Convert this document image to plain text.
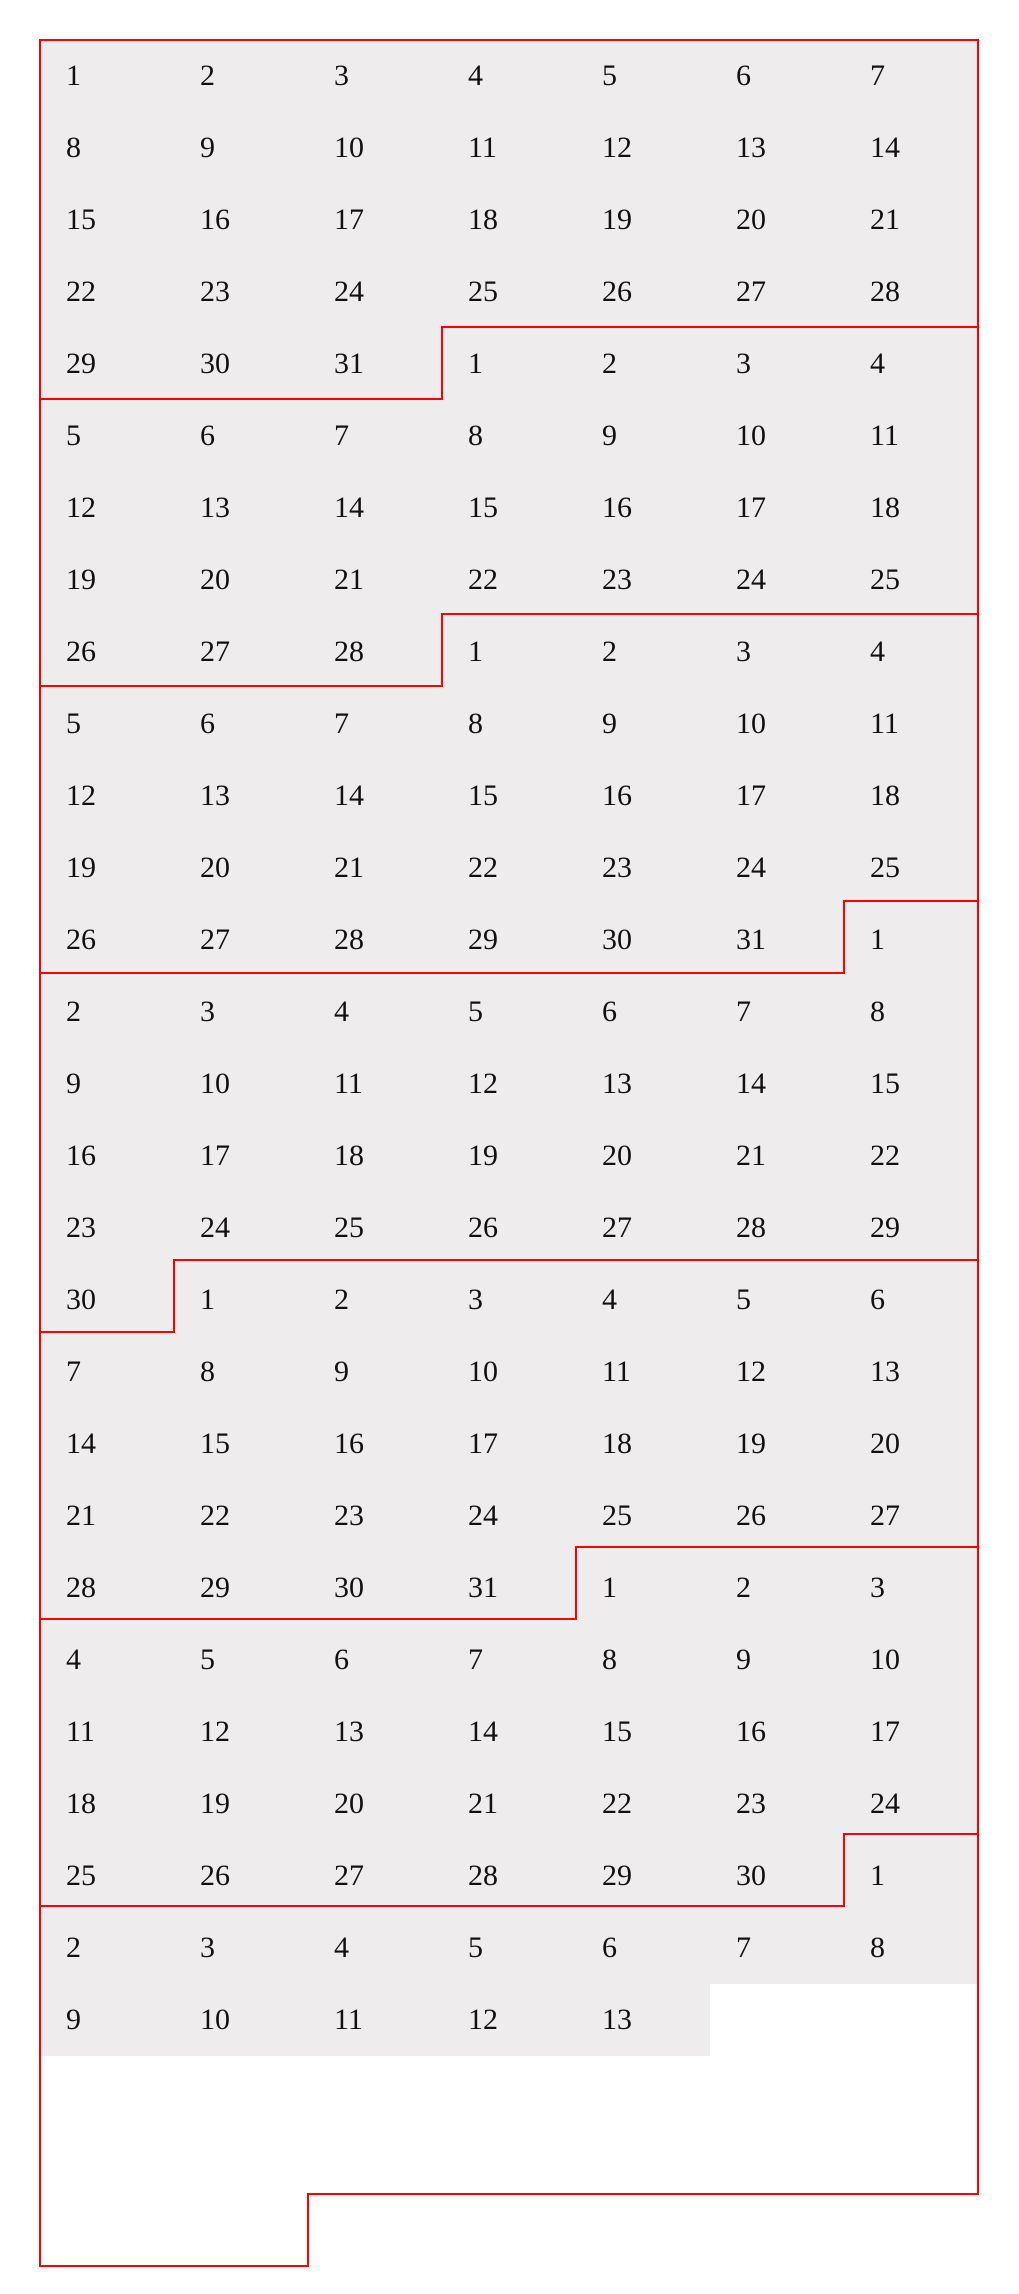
1	2	3	4	5	6	7
8	9	10	11	12	13	14
15	16	17	18	19	20	21
22	23	24	25	26	27	28
29	30	31	1	2	3	4
5	6	7	8	9	10	11
12	13	14	15	16	17	18
19	20	21	22	23	24	25
26	27	28	1	2	3	4
5	6	7	8	9	10	11
12	13	14	15	16	17	18
19	20	21	22	23	24	25
26	27	28	29	30	31	1
2	3	4	5	6	7	8
9	10	11	12	13	14	15
16	17	18	19	20	21	22
23	24	25	26	27	28	29
30	1	2	3	4	5	6
7	8	9	10	11	12	13
14	15	16	17	18	19	20
21	22	23	24	25	26	27
28	29	30	31	1	2	3
4	5	6	7	8	9	10
11	12	13	14	15	16	17
18	19	20	21	22	23	24
25	26	27	28	29	30	1
2	3	4	5	6	7	8
9	10	11	12	13
